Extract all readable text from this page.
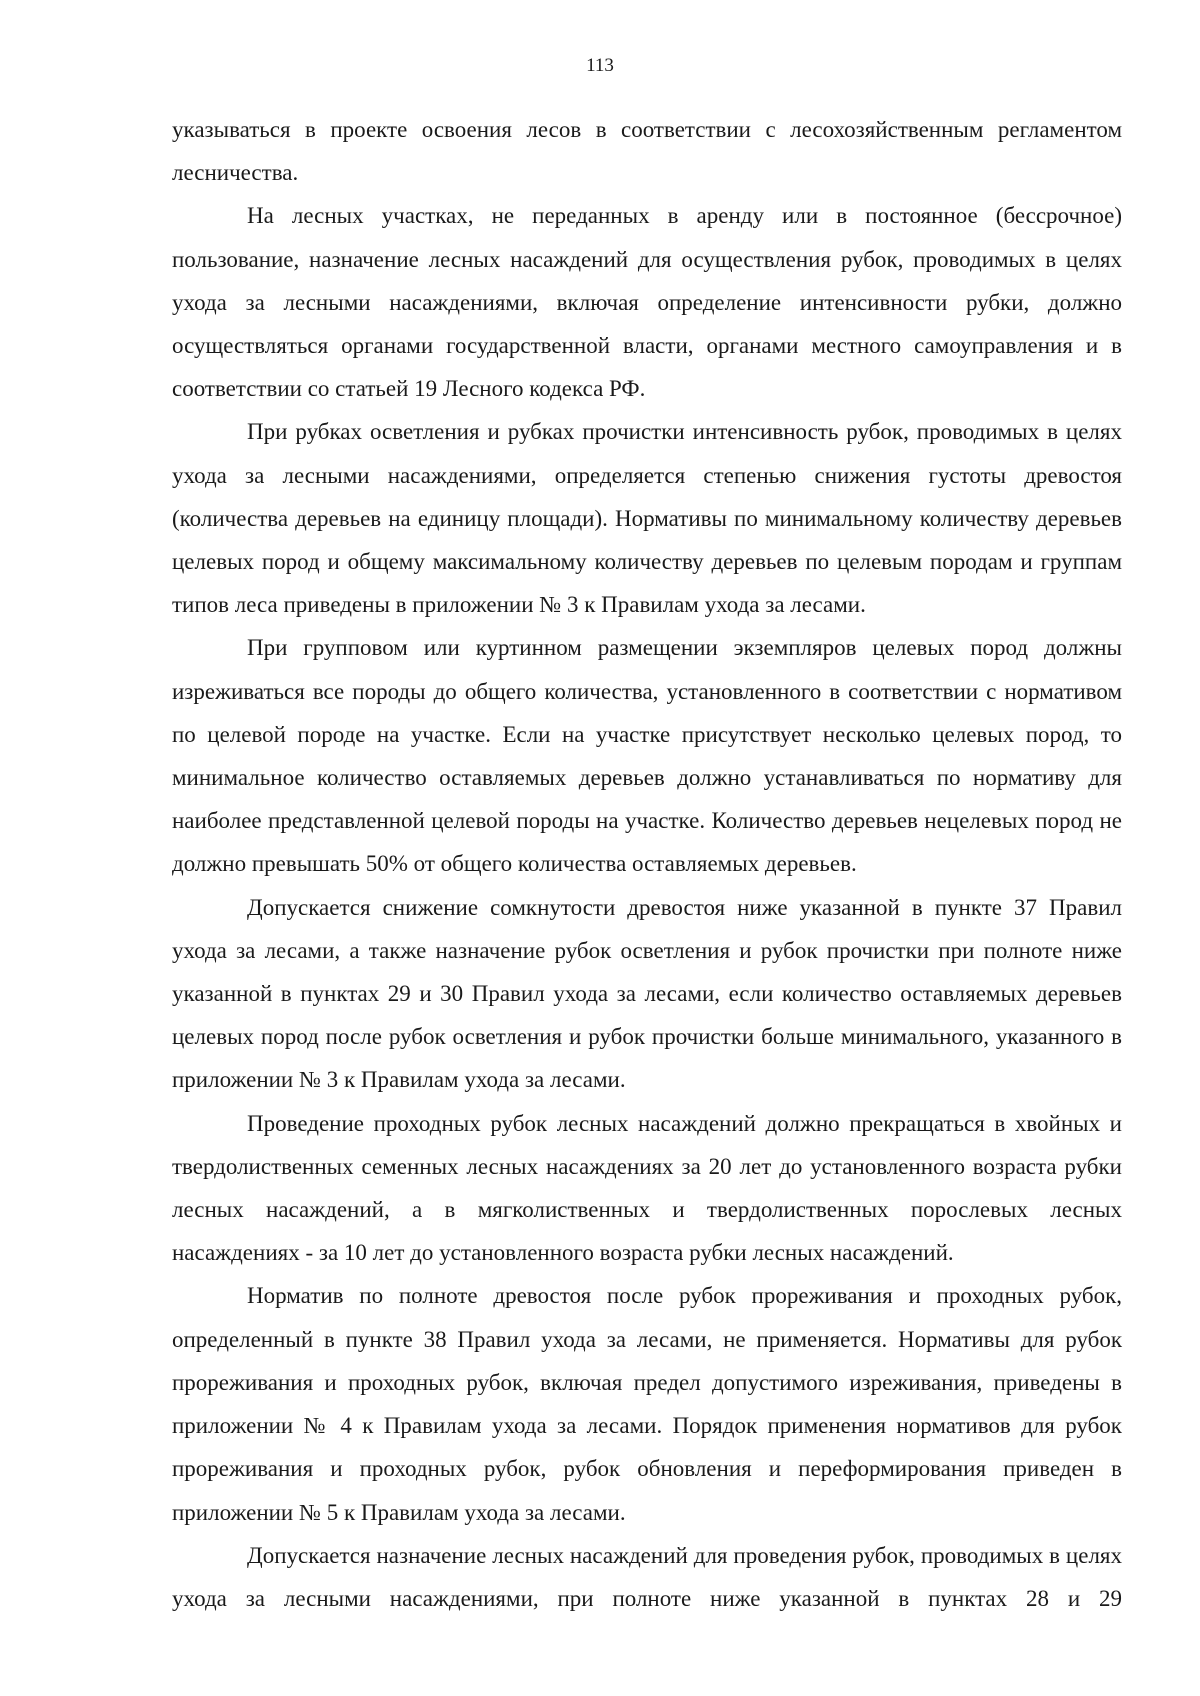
113

указываться в проекте освоения лесов в соответствии с лесохозяйственным регламентом лесничества.

На лесных участках, не переданных в аренду или в постоянное (бессрочное) пользование, назначение лесных насаждений для осуществления рубок, проводимых в целях ухода за лесными насаждениями, включая определение интенсивности рубки, должно осуществляться органами государственной власти, органами местного самоуправления и в соответствии со статьей 19 Лесного кодекса РФ.

При рубках осветления и рубках прочистки интенсивность рубок, проводимых в целях ухода за лесными насаждениями, определяется степенью снижения густоты древостоя (количества деревьев на единицу площади). Нормативы по минимальному количеству деревьев целевых пород и общему максимальному количеству деревьев по целевым породам и группам типов леса приведены в приложении № 3 к Правилам ухода за лесами.

При групповом или куртинном размещении экземпляров целевых пород должны изреживаться все породы до общего количества, установленного в соответствии с нормативом по целевой породе на участке. Если на участке присутствует несколько целевых пород, то минимальное количество оставляемых деревьев должно устанавливаться по нормативу для наиболее представленной целевой породы на участке. Количество деревьев нецелевых пород не должно превышать 50% от общего количества оставляемых деревьев.

Допускается снижение сомкнутости древостоя ниже указанной в пункте 37 Правил ухода за лесами, а также назначение рубок осветления и рубок прочистки при полноте ниже указанной в пунктах 29 и 30 Правил ухода за лесами, если количество оставляемых деревьев целевых пород после рубок осветления и рубок прочистки больше минимального, указанного в приложении № 3 к Правилам ухода за лесами.

Проведение проходных рубок лесных насаждений должно прекращаться в хвойных и твердолиственных семенных лесных насаждениях за 20 лет до установленного возраста рубки лесных насаждений, а в мягколиственных и твердолиственных порослевых лесных насаждениях - за 10 лет до установленного возраста рубки лесных насаждений.

Норматив по полноте древостоя после рубок прореживания и проходных рубок, определенный в пункте 38 Правил ухода за лесами, не применяется. Нормативы для рубок прореживания и проходных рубок, включая предел допустимого изреживания, приведены в приложении № 4 к Правилам ухода за лесами. Порядок применения нормативов для рубок прореживания и проходных рубок, рубок обновления и переформирования приведен в приложении № 5 к Правилам ухода за лесами.

Допускается назначение лесных насаждений для проведения рубок, проводимых в целях ухода за лесными насаждениями, при полноте ниже указанной в пунктах 28 и 29
